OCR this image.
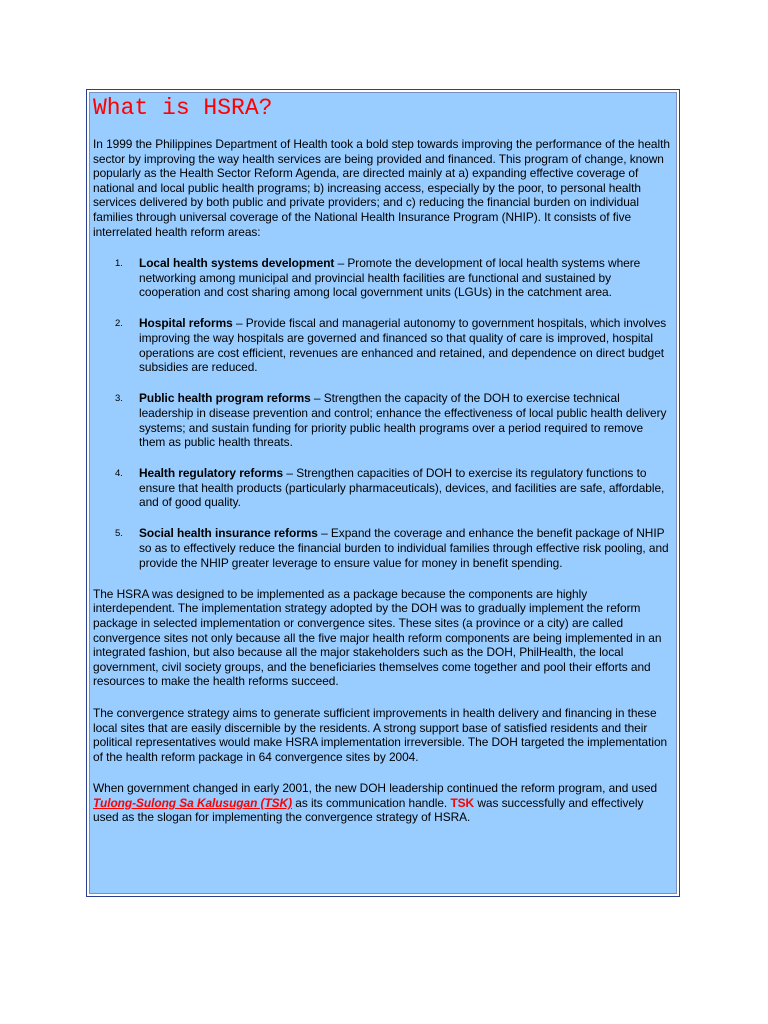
What is HSRA?

In 1999 the Philippines Department of Health took a bold step towards improving the performance of the health sector by improving the way health services are being provided and financed. This program of change, known popularly as the Health Sector Reform Agenda, are directed mainly at a) expanding effective coverage of national and local public health programs; b) increasing access, especially by the poor, to personal health services delivered by both public and private providers; and c) reducing the financial burden on individual families through universal coverage of the National Health Insurance Program (NHIP). It consists of five interrelated health reform areas:

1. Local health systems development – Promote the development of local health systems where networking among municipal and provincial health facilities are functional and sustained by cooperation and cost sharing among local government units (LGUs) in the catchment area.
2. Hospital reforms – Provide fiscal and managerial autonomy to government hospitals, which involves improving the way hospitals are governed and financed so that quality of care is improved, hospital operations are cost efficient, revenues are enhanced and retained, and dependence on direct budget subsidies are reduced.
3. Public health program reforms – Strengthen the capacity of the DOH to exercise technical leadership in disease prevention and control; enhance the effectiveness of local public health delivery systems; and sustain funding for priority public health programs over a period required to remove them as public health threats.
4. Health regulatory reforms – Strengthen capacities of DOH to exercise its regulatory functions to ensure that health products (particularly pharmaceuticals), devices, and facilities are safe, affordable, and of good quality.
5. Social health insurance reforms – Expand the coverage and enhance the benefit package of NHIP so as to effectively reduce the financial burden to individual families through effective risk pooling, and provide the NHIP greater leverage to ensure value for money in benefit spending.

The HSRA was designed to be implemented as a package because the components are highly interdependent. The implementation strategy adopted by the DOH was to gradually implement the reform package in selected implementation or convergence sites. These sites (a province or a city) are called convergence sites not only because all the five major health reform components are being implemented in an integrated fashion, but also because all the major stakeholders such as the DOH, PhilHealth, the local government, civil society groups, and the beneficiaries themselves come together and pool their efforts and resources to make the health reforms succeed.

The convergence strategy aims to generate sufficient improvements in health delivery and financing in these local sites that are easily discernible by the residents. A strong support base of satisfied residents and their political representatives would make HSRA implementation irreversible. The DOH targeted the implementation of the health reform package in 64 convergence sites by 2004.

When government changed in early 2001, the new DOH leadership continued the reform program, and used Tulong-Sulong Sa Kalusugan (TSK) as its communication handle. TSK was successfully and effectively used as the slogan for implementing the convergence strategy of HSRA.
